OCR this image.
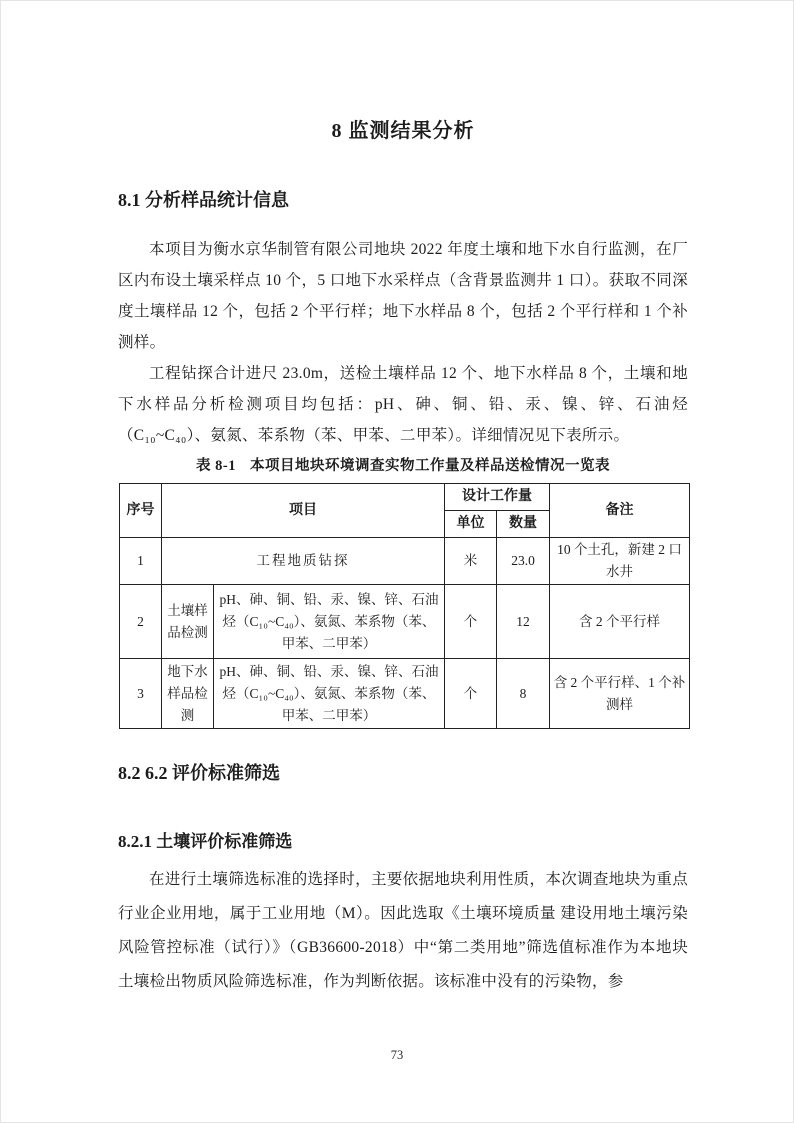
8 监测结果分析
8.1 分析样品统计信息

本项目为衡水京华制管有限公司地块 2022 年度土壤和地下水自行监测，在厂区内布设土壤采样点 10 个，5 口地下水采样点（含背景监测井 1 口）。获取不同深度土壤样品 12 个，包括 2 个平行样；地下水样品 8 个，包括 2 个平行样和 1 个补测样。

工程钻探合计进尺 23.0m，送检土壤样品 12 个、地下水样品 8 个，土壤和地下水样品分析检测项目均包括：pH、砷、铜、铅、汞、镍、锌、石油烃（C₁₀~C₄₀）、氨氮、苯系物（苯、甲苯、二甲苯）。详细情况见下表所示。

表 8-1 本项目地块环境调查实物工作量及样品送检情况一览表
序号	项目		设计工作量		备注
			单位	数量	
1	工程地质钻探		米	23.0	10 个土孔，新建 2 口水井
2	土壤样品检测	pH、砷、铜、铅、汞、镍、锌、石油烃（C₁₀~C₄₀）、氨氮、苯系物（苯、甲苯、二甲苯）	个	12	含 2 个平行样
3	地下水样品检测	pH、砷、铜、铅、汞、镍、锌、石油烃（C₁₀~C₄₀）、氨氮、苯系物（苯、甲苯、二甲苯）	个	8	含 2 个平行样、1 个补测样
8.2 6.2 评价标准筛选
8.2.1 土壤评价标准筛选

在进行土壤筛选标准的选择时，主要依据地块利用性质，本次调查地块为重点行业企业用地，属于工业用地（M）。因此选取《土壤环境质量 建设用地土壤污染风险管控标准（试行）》（GB36600-2018）中“第二类用地”筛选值标准作为本地块土壤检出物质风险筛选标准，作为判断依据。该标准中没有的污染物，参

73
